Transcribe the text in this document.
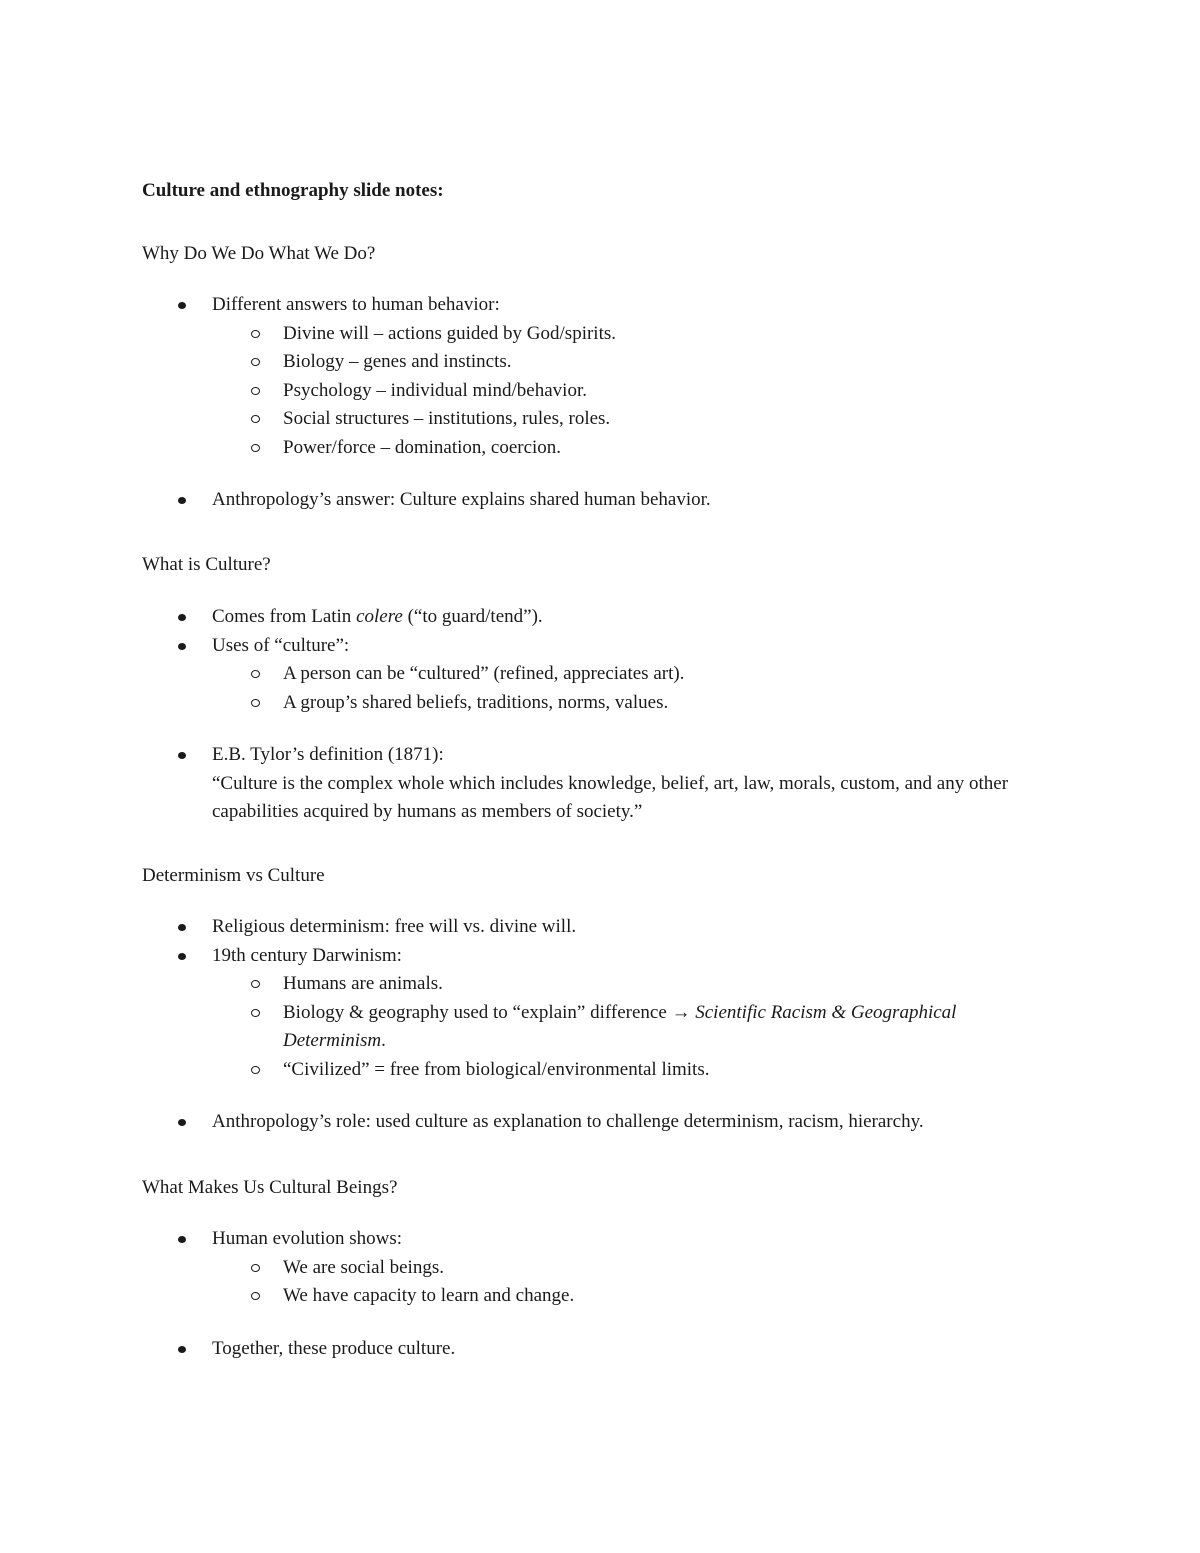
Culture and ethnography slide notes:
Why Do We Do What We Do?
Different answers to human behavior:
Divine will – actions guided by God/spirits.
Biology – genes and instincts.
Psychology – individual mind/behavior.
Social structures – institutions, rules, roles.
Power/force – domination, coercion.
Anthropology’s answer: Culture explains shared human behavior.
What is Culture?
Comes from Latin colere (“to guard/tend”).
Uses of “culture”:
A person can be “cultured” (refined, appreciates art).
A group’s shared beliefs, traditions, norms, values.
E.B. Tylor’s definition (1871):
“Culture is the complex whole which includes knowledge, belief, art, law, morals, custom, and any other capabilities acquired by humans as members of society.”
Determinism vs Culture
Religious determinism: free will vs. divine will.
19th century Darwinism:
Humans are animals.
Biology & geography used to “explain” difference → Scientific Racism & Geographical Determinism.
“Civilized” = free from biological/environmental limits.
Anthropology’s role: used culture as explanation to challenge determinism, racism, hierarchy.
What Makes Us Cultural Beings?
Human evolution shows:
We are social beings.
We have capacity to learn and change.
Together, these produce culture.
